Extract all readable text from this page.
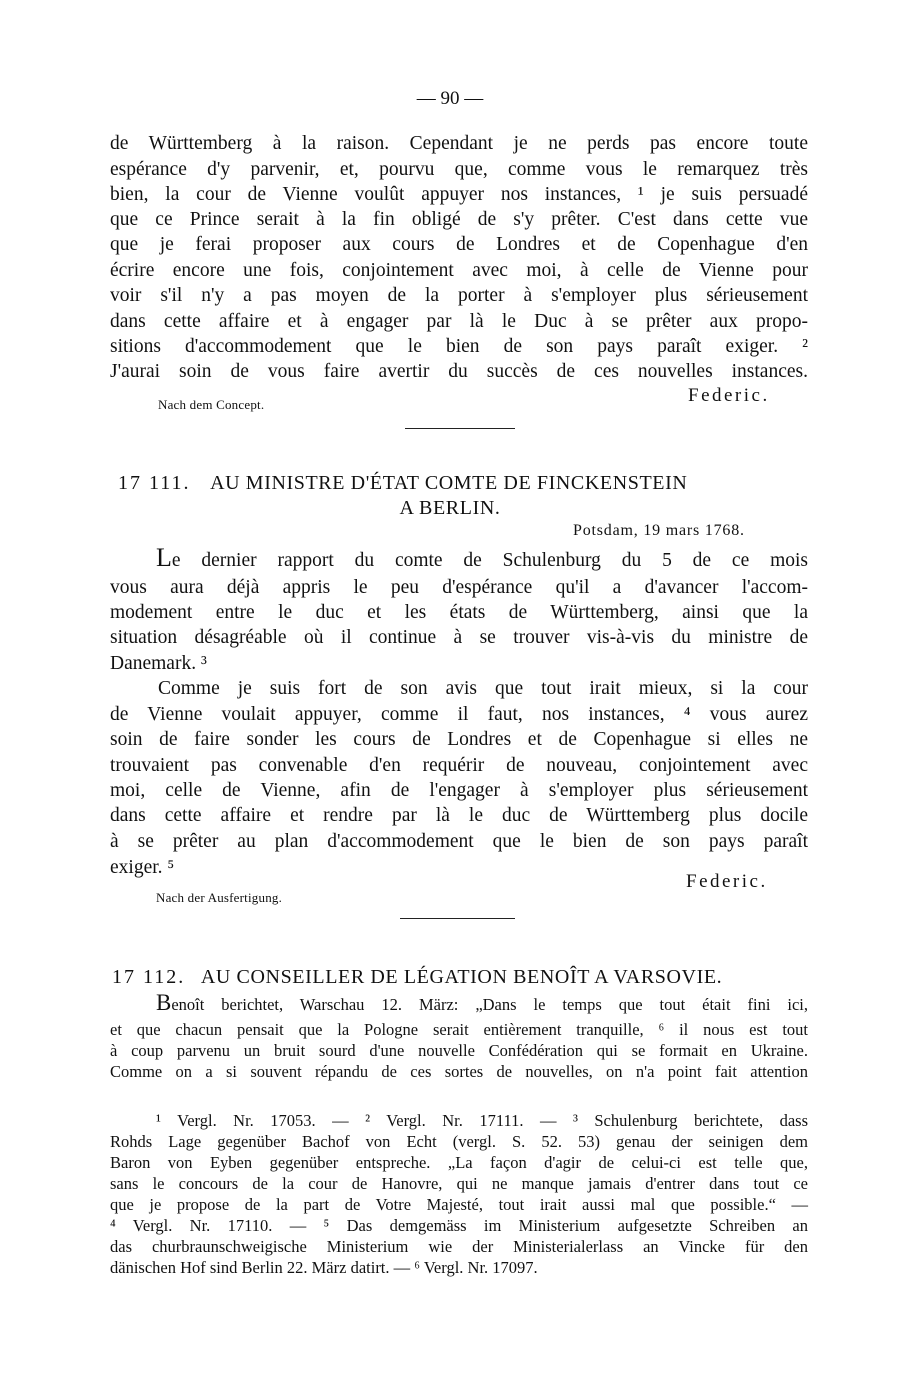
— 90 —
de Württemberg à la raison. Cependant je ne perds pas encore toute
espérance d'y parvenir, et, pourvu que, comme vous le remarquez très
bien, la cour de Vienne voulût appuyer nos instances, ¹ je suis persuadé
que ce Prince serait à la fin obligé de s'y prêter. C'est dans cette vue
que je ferai proposer aux cours de Londres et de Copenhague d'en
écrire encore une fois, conjointement avec moi, à celle de Vienne pour
voir s'il n'y a pas moyen de la porter à s'employer plus sérieusement
dans cette affaire et à engager par là le Duc à se prêter aux propo-
sitions d'accommodement que le bien de son pays paraît exiger. ²
J'aurai soin de vous faire avertir du succès de ces nouvelles instances.
Nach dem Concept.	Federic.
17 111. AU MINISTRE D'ÉTAT COMTE DE FINCKENSTEIN
A BERLIN.
Potsdam, 19 mars 1768.
Le dernier rapport du comte de Schulenburg du 5 de ce mois
vous aura déjà appris le peu d'espérance qu'il a d'avancer l'accom-
modement entre le duc et les états de Württemberg, ainsi que la
situation désagréable où il continue à se trouver vis-à-vis du ministre de
Danemark. ³
Comme je suis fort de son avis que tout irait mieux, si la cour
de Vienne voulait appuyer, comme il faut, nos instances, ⁴ vous aurez
soin de faire sonder les cours de Londres et de Copenhague si elles ne
trouvaient pas convenable d'en requérir de nouveau, conjointement avec
moi, celle de Vienne, afin de l'engager à s'employer plus sérieusement
dans cette affaire et rendre par là le duc de Württemberg plus docile
à se prêter au plan d'accommodement que le bien de son pays paraît
exiger. ⁵
Federic.
Nach der Ausfertigung.
17 112. AU CONSEILLER DE LÉGATION BENOÎT A VARSOVIE.
Benoît berichtet, Warschau 12. März: „Dans le temps que tout était fini ici,
et que chacun pensait que la Pologne serait entièrement tranquille, ⁶ il nous est tout
à coup parvenu un bruit sourd d'une nouvelle Confédération qui se formait en Ukraine.
Comme on a si souvent répandu de ces sortes de nouvelles, on n'a point fait attention
¹ Vergl. Nr. 17053. — ² Vergl. Nr. 17111. — ³ Schulenburg berichtete, dass
Rohds Lage gegenüber Bachof von Echt (vergl. S. 52. 53) genau der seinigen dem
Baron von Eyben gegenüber entspreche. „La façon d'agir de celui-ci est telle que,
sans le concours de la cour de Hanovre, qui ne manque jamais d'entrer dans tout ce
que je propose de la part de Votre Majesté, tout irait aussi mal que possible.“ —
⁴ Vergl. Nr. 17110. — ⁵ Das demgemäss im Ministerium aufgesetzte Schreiben an
das churbraunschweigische Ministerium wie der Ministerialerlass an Vincke für den
dänischen Hof sind Berlin 22. März datirt. — ⁶ Vergl. Nr. 17097.
